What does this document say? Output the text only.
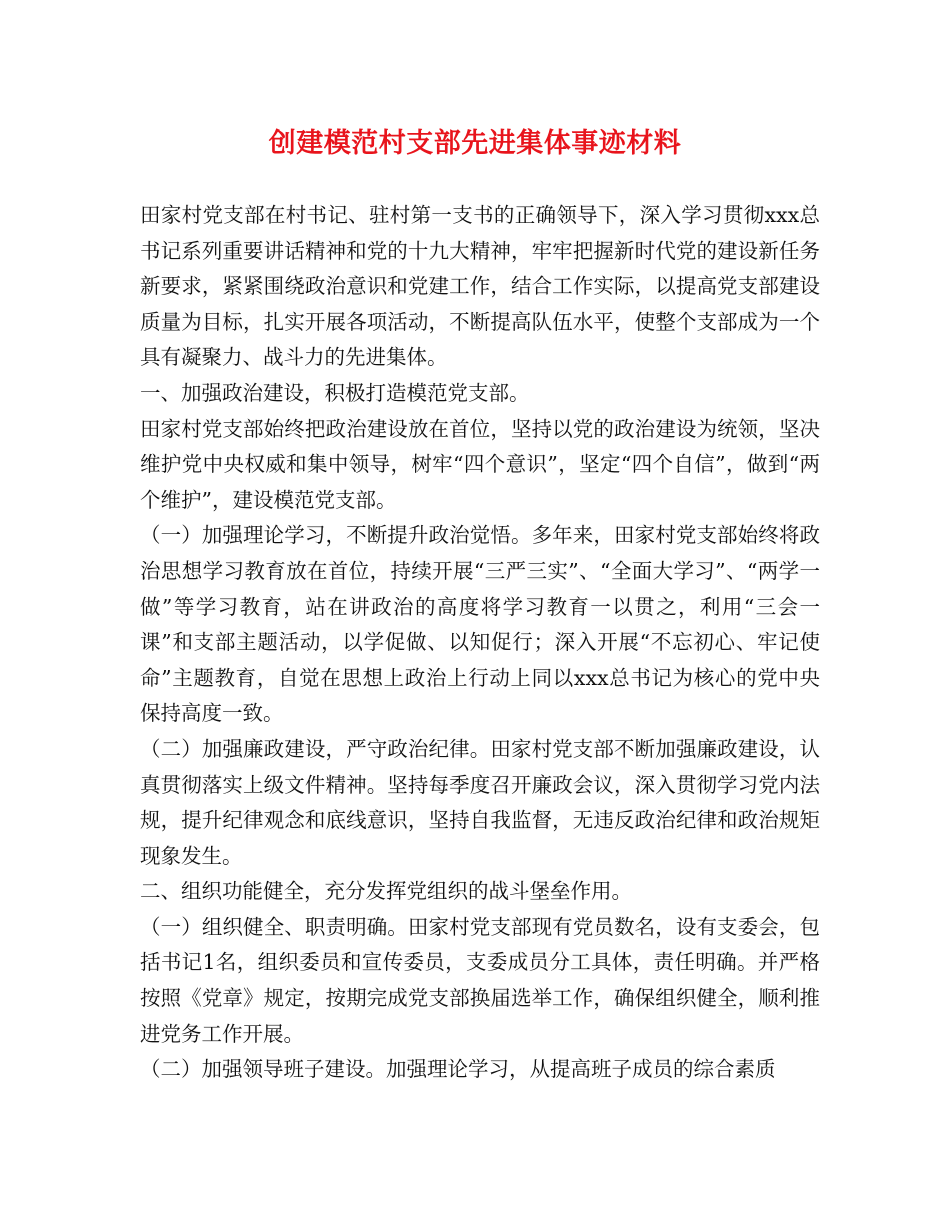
创建模范村支部先进集体事迹材料

田家村党支部在村书记、驻村第一支书的正确领导下，深入学习贯彻xxx总书记系列重要讲话精神和党的十九大精神，牢牢把握新时代党的建设新任务新要求，紧紧围绕政治意识和党建工作，结合工作实际，以提高党支部建设质量为目标，扎实开展各项活动，不断提高队伍水平，使整个支部成为一个具有凝聚力、战斗力的先进集体。

一、加强政治建设，积极打造模范党支部。

田家村党支部始终把政治建设放在首位，坚持以党的政治建设为统领，坚决维护党中央权威和集中领导，树牢“四个意识”，坚定“四个自信”，做到“两个维护”，建设模范党支部。

（一）加强理论学习，不断提升政治觉悟。多年来，田家村党支部始终将政治思想学习教育放在首位，持续开展“三严三实”、“全面大学习”、“两学一做”等学习教育，站在讲政治的高度将学习教育一以贯之，利用“三会一课”和支部主题活动，以学促做、以知促行；深入开展“不忘初心、牢记使命”主题教育，自觉在思想上政治上行动上同以xxx总书记为核心的党中央保持高度一致。

（二）加强廉政建设，严守政治纪律。田家村党支部不断加强廉政建设，认真贯彻落实上级文件精神。坚持每季度召开廉政会议，深入贯彻学习党内法规，提升纪律观念和底线意识，坚持自我监督，无违反政治纪律和政治规矩现象发生。

二、组织功能健全，充分发挥党组织的战斗堡垒作用。

（一）组织健全、职责明确。田家村党支部现有党员数名，设有支委会，包括书记1名，组织委员和宣传委员，支委成员分工具体，责任明确。并严格按照《党章》规定，按期完成党支部换届选举工作，确保组织健全，顺利推进党务工作开展。

（二）加强领导班子建设。加强理论学习，从提高班子成员的综合素质
